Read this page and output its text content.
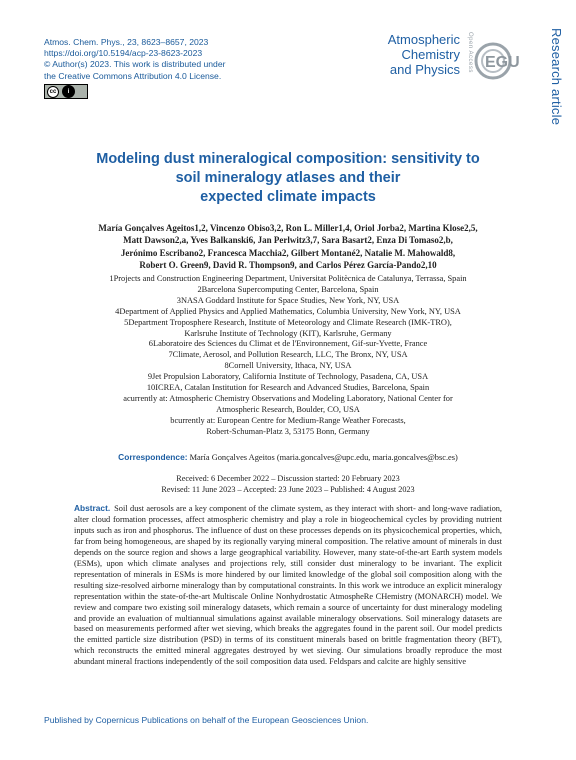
Atmos. Chem. Phys., 23, 8623–8657, 2023
https://doi.org/10.5194/acp-23-8623-2023
© Author(s) 2023. This work is distributed under
the Creative Commons Attribution 4.0 License.
cc	i
Atmospheric
Chemistry
and Physics	Open Access EGU	Research article
Modeling dust mineralogical composition: sensitivity to
soil mineralogy atlases and their
expected climate impacts
María Gonçalves Ageitos1,2, Vincenzo Obiso3,2, Ron L. Miller1,4, Oriol Jorba2, Martina Klose2,5,
Matt Dawson2,a, Yves Balkanski6, Jan Perlwitz3,7, Sara Basart2, Enza Di Tomaso2,b,
Jerónimo Escribano2, Francesca Macchia2, Gilbert Montané2, Natalie M. Mahowald8,
Robert O. Green9, David R. Thompson9, and Carlos Pérez García-Pando2,10
1Projects and Construction Engineering Department, Universitat Politècnica de Catalunya, Terrassa, Spain
2Barcelona Supercomputing Center, Barcelona, Spain
3NASA Goddard Institute for Space Studies, New York, NY, USA
4Department of Applied Physics and Applied Mathematics, Columbia University, New York, NY, USA
5Department Troposphere Research, Institute of Meteorology and Climate Research (IMK-TRO),
Karlsruhe Institute of Technology (KIT), Karlsruhe, Germany
6Laboratoire des Sciences du Climat et de l'Environnement, Gif-sur-Yvette, France
7Climate, Aerosol, and Pollution Research, LLC, The Bronx, NY, USA
8Cornell University, Ithaca, NY, USA
9Jet Propulsion Laboratory, California Institute of Technology, Pasadena, CA, USA
10ICREA, Catalan Institution for Research and Advanced Studies, Barcelona, Spain
acurrently at: Atmospheric Chemistry Observations and Modeling Laboratory, National Center for
Atmospheric Research, Boulder, CO, USA
bcurrently at: European Centre for Medium-Range Weather Forecasts,
Robert-Schuman-Platz 3, 53175 Bonn, Germany
Correspondence: María Gonçalves Ageitos (maria.goncalves@upc.edu, maria.goncalves@bsc.es)
Received: 6 December 2022 – Discussion started: 20 February 2023
Revised: 11 June 2023 – Accepted: 23 June 2023 – Published: 4 August 2023
Abstract. Soil dust aerosols are a key component of the climate system, as they interact with short- and long-wave radiation, alter cloud formation processes, affect atmospheric chemistry and play a role in biogeochemical cycles by providing nutrient inputs such as iron and phosphorus. The influence of dust on these processes depends on its physicochemical properties, which, far from being homogeneous, are shaped by its regionally varying mineral composition. The relative amount of minerals in dust depends on the source region and shows a large geographical variability. However, many state-of-the-art Earth system models (ESMs), upon which climate analyses and projections rely, still consider dust mineralogy to be invariant. The explicit representation of minerals in ESMs is more hindered by our limited knowledge of the global soil composition along with the resulting size-resolved airborne mineralogy than by computational constraints. In this work we introduce an explicit mineralogy representation within the state-of-the-art Multiscale Online Nonhydrostatic AtmospheRe CHemistry (MONARCH) model. We review and compare two existing soil mineralogy datasets, which remain a source of uncertainty for dust mineralogy modeling and provide an evaluation of multiannual simulations against available mineralogy observations. Soil mineralogy datasets are based on measurements performed after wet sieving, which breaks the aggregates found in the parent soil. Our model predicts the emitted particle size distribution (PSD) in terms of its constituent minerals based on brittle fragmentation theory (BFT), which reconstructs the emitted mineral aggregates destroyed by wet sieving. Our simulations broadly reproduce the most abundant mineral fractions independently of the soil composition data used. Feldspars and calcite are highly sensitive
Published by Copernicus Publications on behalf of the European Geosciences Union.
